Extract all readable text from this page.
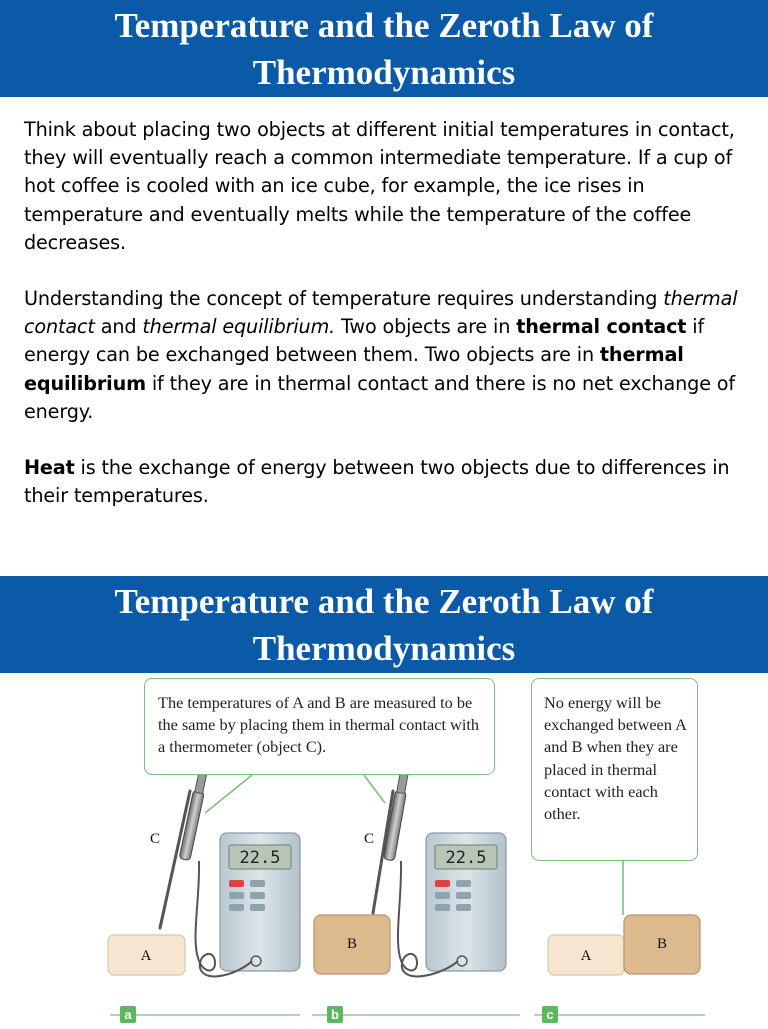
Temperature and the Zeroth Law of
Thermodynamics

Think about placing two objects at different initial temperatures in contact, they will eventually reach a common intermediate temperature. If a cup of hot coffee is cooled with an ice cube, for example, the ice rises in temperature and eventually melts while the temperature of the coffee decreases.

Understanding the concept of temperature requires understanding thermal contact and thermal equilibrium. Two objects are in thermal contact if energy can be exchanged between them. Two objects are in thermal equilibrium if they are in thermal contact and there is no net exchange of energy.

Heat is the exchange of energy between two objects due to differences in their temperatures.

Temperature and the Zeroth Law of
Thermodynamics
A
C
22.5
B
C
22.5
A
B
a	b	c
The temperatures of A and B are measured to be the same by placing them in thermal contact with a thermometer (object C).
No energy will be exchanged between A and B when they are placed in thermal contact with each other.
